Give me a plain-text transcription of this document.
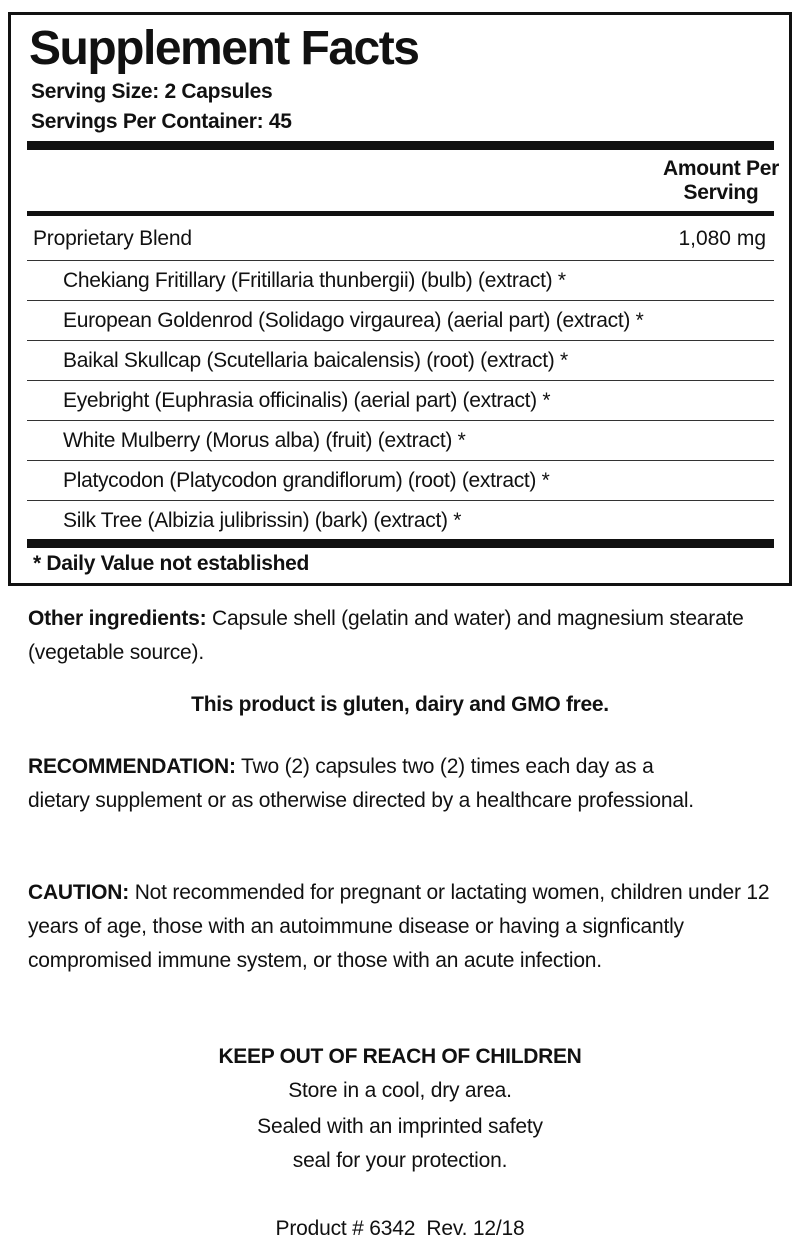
Supplement Facts
Serving Size: 2 Capsules
Servings Per Container: 45
Amount Per
Serving
Proprietary Blend	1,080 mg
Chekiang Fritillary (Fritillaria thunbergii) (bulb) (extract) *
European Goldenrod (Solidago virgaurea) (aerial part) (extract) *
Baikal Skullcap (Scutellaria baicalensis) (root) (extract) *
Eyebright (Euphrasia officinalis) (aerial part) (extract) *
White Mulberry (Morus alba) (fruit) (extract) *
Platycodon (Platycodon grandiflorum) (root) (extract) *
Silk Tree (Albizia julibrissin) (bark) (extract) *
* Daily Value not established

Other ingredients: Capsule shell (gelatin and water) and magnesium stearate (vegetable source).

This product is gluten, dairy and GMO free.

RECOMMENDATION: Two (2) capsules two (2) times each day as a dietary supplement or as otherwise directed by a healthcare professional.

CAUTION: Not recommended for pregnant or lactating women, children under 12 years of age, those with an autoimmune disease or having a signficantly compromised immune system, or those with an acute infection.

KEEP OUT OF REACH OF CHILDREN
Store in a cool, dry area.
Sealed with an imprinted safety
seal for your protection.
Product # 6342  Rev. 12/18
